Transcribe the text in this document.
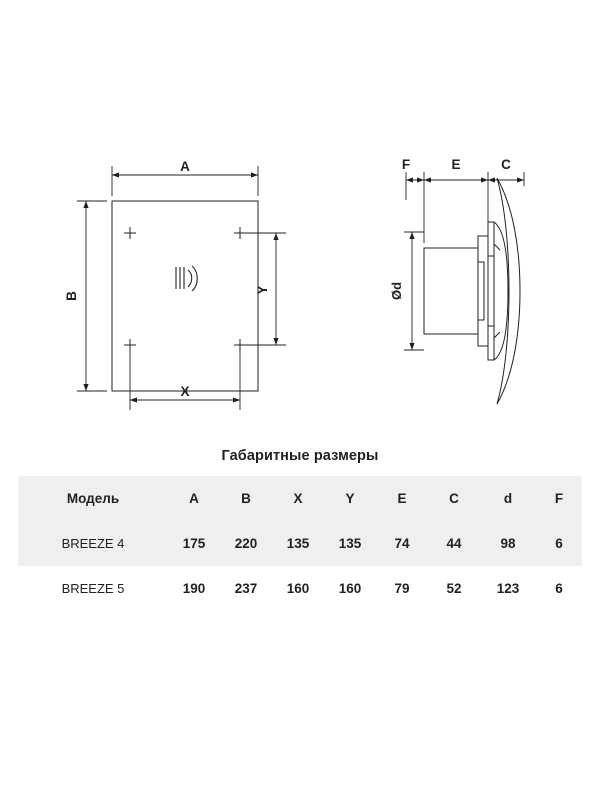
A
B
X
Y	Ød
F	E	C
Габаритные размеры
Модель	A	B	X	Y	E	C	d	F
BREEZE 4	175	220	135	135	74	44	98	6
BREEZE 5	190	237	160	160	79	52	123	6
